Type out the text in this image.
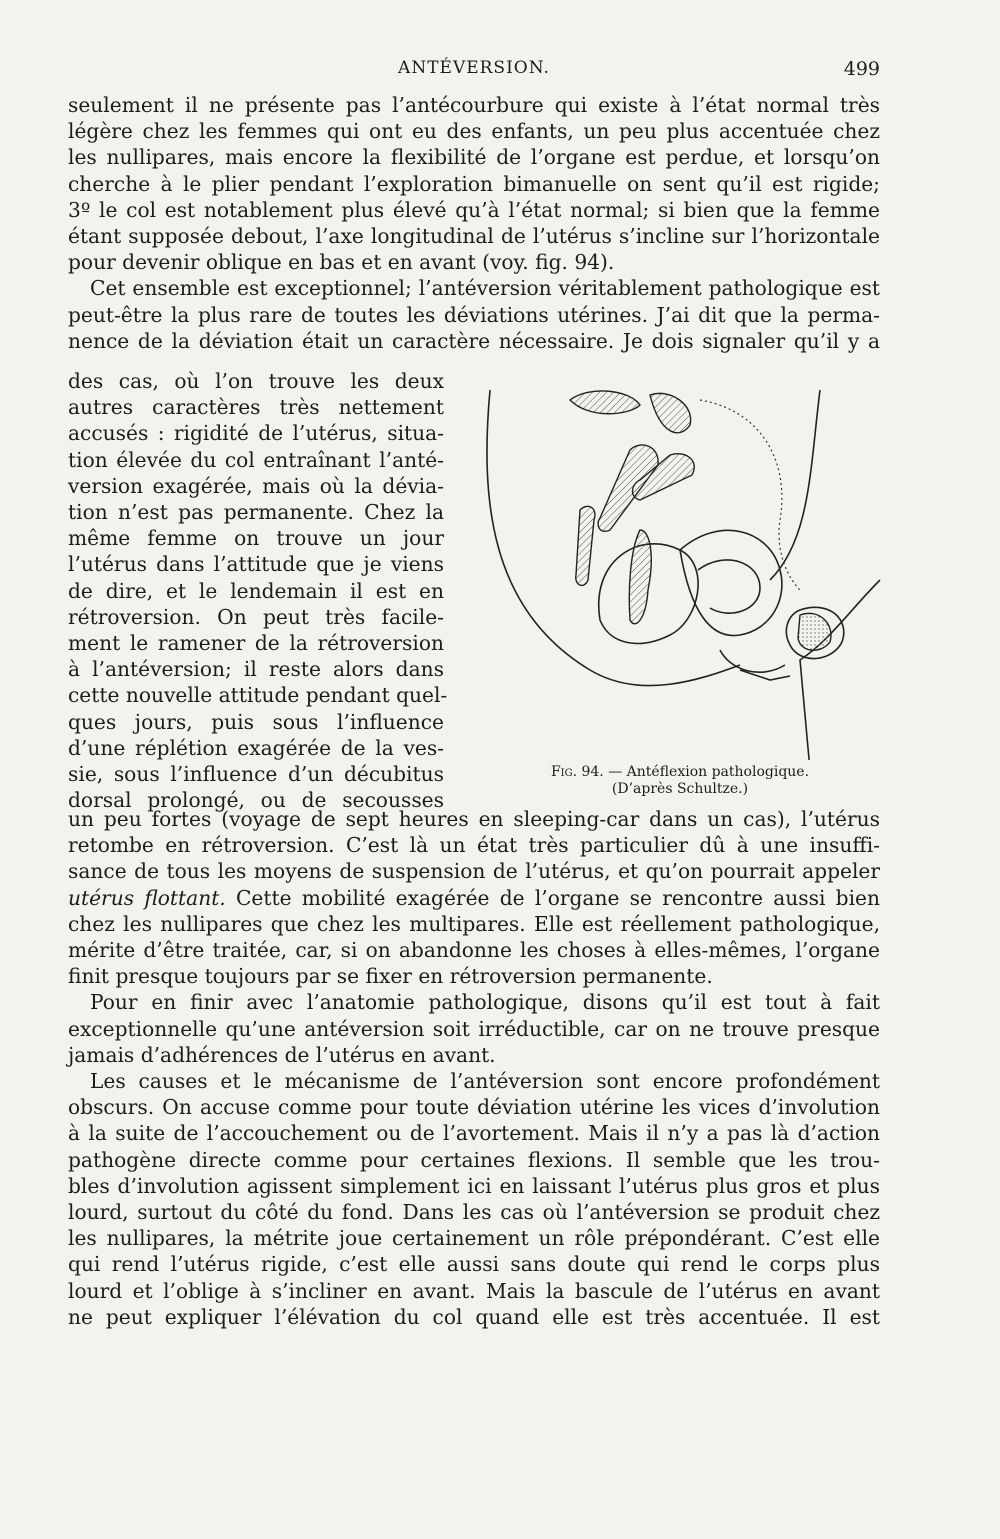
ANTÉVERSION.	499
seulement il ne présente pas l’antécourbure qui existe à l’état normal très
légère chez les femmes qui ont eu des enfants, un peu plus accentuée chez
les nullipares, mais encore la flexibilité de l’organe est perdue, et lorsqu’on
cherche à le plier pendant l’exploration bimanuelle on sent qu’il est rigide;
3º le col est notablement plus élevé qu’à l’état normal; si bien que la femme
étant supposée debout, l’axe longitudinal de l’utérus s’incline sur l’horizontale
pour devenir oblique en bas et en avant (voy. fig. 94).
Cet ensemble est exceptionnel; l’antéversion véritablement pathologique est
peut-être la plus rare de toutes les déviations utérines. J’ai dit que la perma-
nence de la déviation était un caractère nécessaire. Je dois signaler qu’il y a
des cas, où l’on trouve les deux
autres caractères très nettement
accusés : rigidité de l’utérus, situa-
tion élevée du col entraînant l’anté-
version exagérée, mais où la dévia-
tion n’est pas permanente. Chez la
même femme on trouve un jour
l’utérus dans l’attitude que je viens
de dire, et le lendemain il est en
rétroversion. On peut très facile-
ment le ramener de la rétroversion
à l’antéversion; il reste alors dans
cette nouvelle attitude pendant quel-
ques jours, puis sous l’influence
d’une réplétion exagérée de la ves-
sie, sous l’influence d’un décubitus
dorsal prolongé, ou de secousses
Fig. 94. — Antéflexion pathologique.
(D’après Schultze.)
un peu fortes (voyage de sept heures en sleeping-car dans un cas), l’utérus
retombe en rétroversion. C’est là un état très particulier dû à une insuffi-
sance de tous les moyens de suspension de l’utérus, et qu’on pourrait appeler
utérus flottant. Cette mobilité exagérée de l’organe se rencontre aussi bien
chez les nullipares que chez les multipares. Elle est réellement pathologique,
mérite d’être traitée, car, si on abandonne les choses à elles-mêmes, l’organe
finit presque toujours par se fixer en rétroversion permanente.
Pour en finir avec l’anatomie pathologique, disons qu’il est tout à fait
exceptionnelle qu’une antéversion soit irréductible, car on ne trouve presque
jamais d’adhérences de l’utérus en avant.
Les causes et le mécanisme de l’antéversion sont encore profondément
obscurs. On accuse comme pour toute déviation utérine les vices d’involution
à la suite de l’accouchement ou de l’avortement. Mais il n’y a pas là d’action
pathogène directe comme pour certaines flexions. Il semble que les trou-
bles d’involution agissent simplement ici en laissant l’utérus plus gros et plus
lourd, surtout du côté du fond. Dans les cas où l’antéversion se produit chez
les nullipares, la métrite joue certainement un rôle prépondérant. C’est elle
qui rend l’utérus rigide, c’est elle aussi sans doute qui rend le corps plus
lourd et l’oblige à s’incliner en avant. Mais la bascule de l’utérus en avant
ne peut expliquer l’élévation du col quand elle est très accentuée. Il est
